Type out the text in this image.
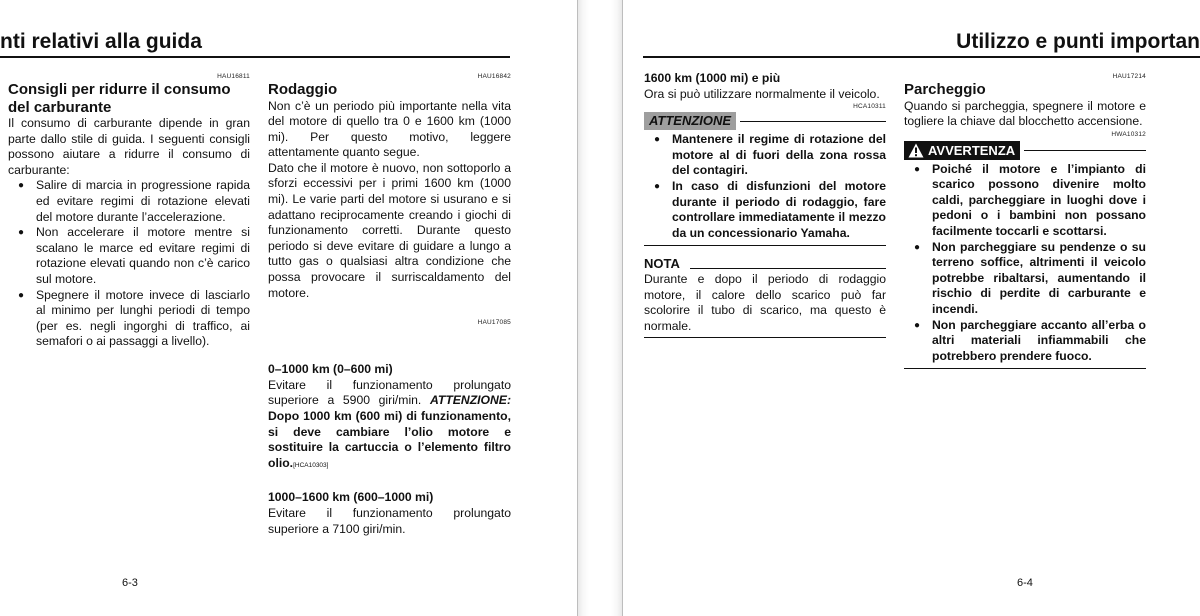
nti relativi alla guida
HAU16811

Consigli per ridurre il consumo del carburante

Il consumo di carburante dipende in gran parte dallo stile di guida. I seguenti consigli possono aiutare a ridurre il consumo di carburante:

● Salire di marcia in progressione rapida ed evitare regimi di rotazione elevati del motore durante l’accelerazione.
● Non accelerare il motore mentre si scalano le marce ed evitare regimi di rotazione elevati quando non c’è carico sul motore.
● Spegnere il motore invece di lasciarlo al minimo per lunghi periodi di tempo (per es. negli ingorghi di traffico, ai semafori o ai passaggi a livello).
HAU16842

Rodaggio

Non c’è un periodo più importante nella vita del motore di quello tra 0 e 1600 km (1000 mi). Per questo motivo, leggere attentamente quanto segue.

Dato che il motore è nuovo, non sottoporlo a sforzi eccessivi per i primi 1600 km (1000 mi). Le varie parti del motore si usurano e si adattano reciprocamente creando i giochi di funzionamento corretti. Durante questo periodo si deve evitare di guidare a lungo a tutto gas o qualsiasi altra condizione che possa provocare il surriscaldamento del motore.

HAU17085

0–1000 km (0–600 mi)

Evitare il funzionamento prolungato superiore a 5900 giri/min. ATTENZIONE: Dopo 1000 km (600 mi) di funzionamento, si deve cambiare l’olio motore e sostituire la cartuccia o l’elemento filtro olio.[HCA10303]

1000–1600 km (600–1000 mi)

Evitare il funzionamento prolungato superiore a 7100 giri/min.

6-3
Utilizzo e punti importan

1600 km (1000 mi) e più

Ora si può utilizzare normalmente il veicolo.

HCA10311
ATTENZIONE
● Mantenere il regime di rotazione del motore al di fuori della zona rossa del contagiri.
● In caso di disfunzioni del motore durante il periodo di rodaggio, fare controllare immediatamente il mezzo da un concessionario Yamaha.
NOTA

Durante e dopo il periodo di rodaggio motore, il calore dello scarico può far scolorire il tubo di scarico, ma questo è normale.

HAU17214

Parcheggio

Quando si parcheggia, spegnere il motore e togliere la chiave dal blocchetto accensione.

HWA10312
AVVERTENZA
● Poiché il motore e l’impianto di scarico possono divenire molto caldi, parcheggiare in luoghi dove i pedoni o i bambini non possano facilmente toccarli e scottarsi.
● Non parcheggiare su pendenze o su terreno soffice, altrimenti il veicolo potrebbe ribaltarsi, aumentando il rischio di perdite di carburante e incendi.
● Non parcheggiare accanto all’erba o altri materiali infiammabili che potrebbero prendere fuoco.
6-4
